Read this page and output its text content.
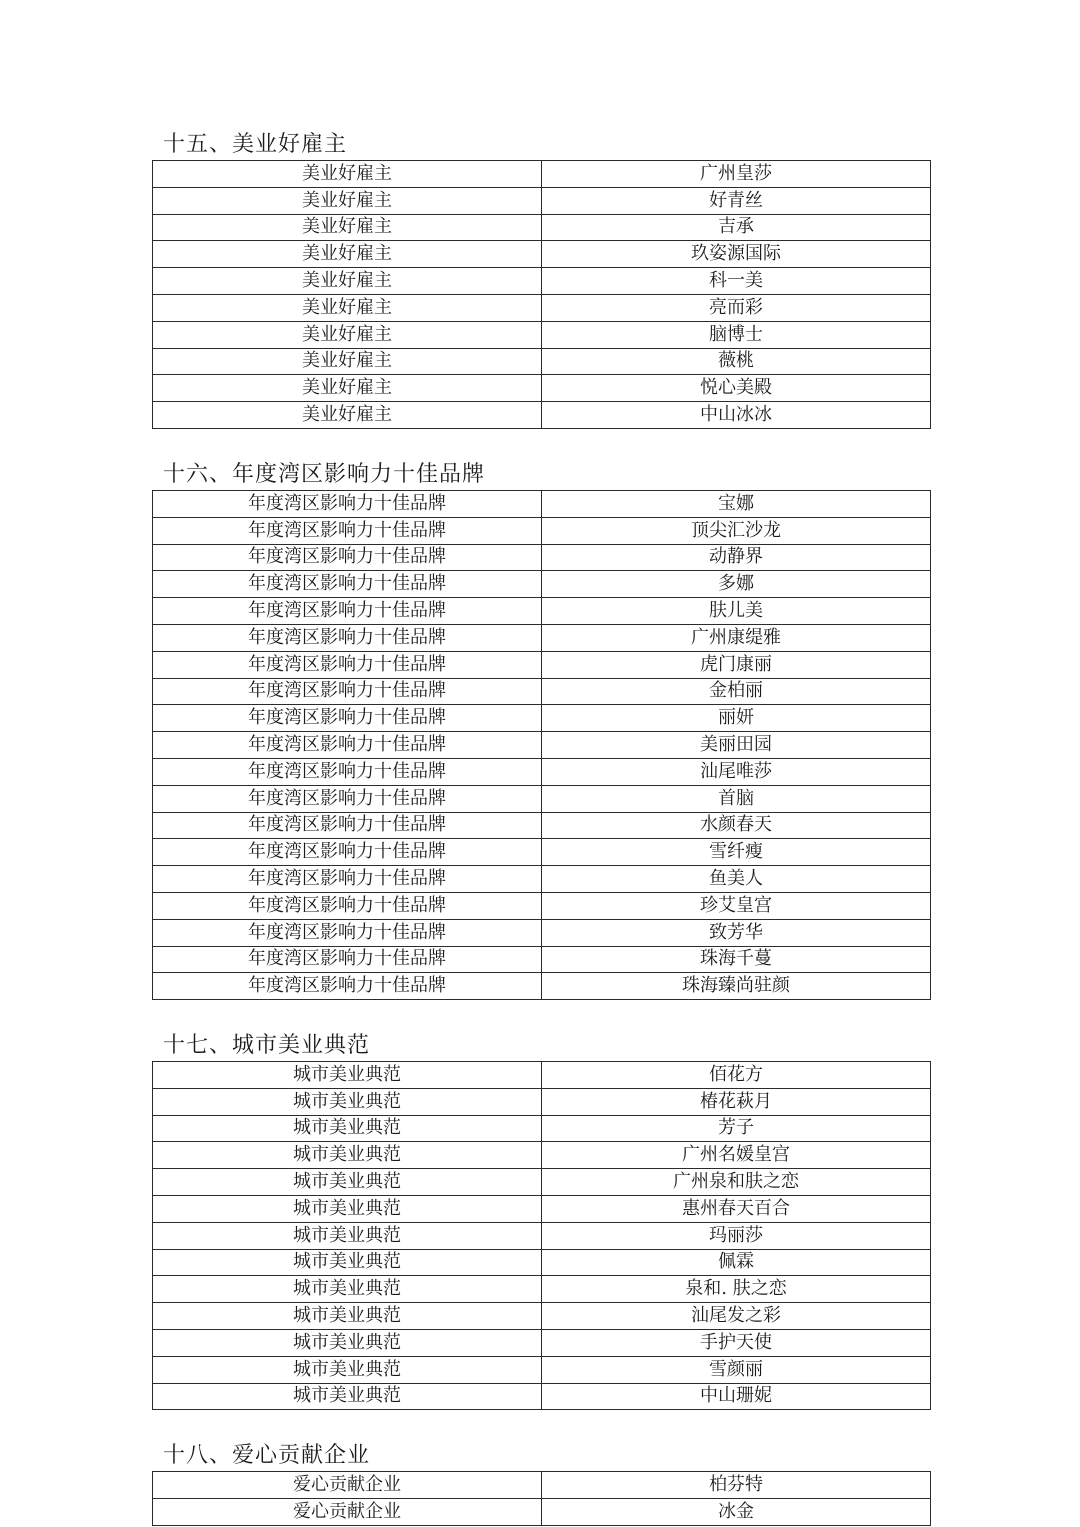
十五、美业好雇主
美业好雇主	广州皇莎
美业好雇主	好青丝
美业好雇主	吉承
美业好雇主	玖姿源国际
美业好雇主	科一美
美业好雇主	亮而彩
美业好雇主	脑博士
美业好雇主	薇桃
美业好雇主	悦心美殿
美业好雇主	中山冰冰
十六、年度湾区影响力十佳品牌
年度湾区影响力十佳品牌	宝娜
年度湾区影响力十佳品牌	顶尖汇沙龙
年度湾区影响力十佳品牌	动静界
年度湾区影响力十佳品牌	多娜
年度湾区影响力十佳品牌	肤儿美
年度湾区影响力十佳品牌	广州康缇雅
年度湾区影响力十佳品牌	虎门康丽
年度湾区影响力十佳品牌	金柏丽
年度湾区影响力十佳品牌	丽妍
年度湾区影响力十佳品牌	美丽田园
年度湾区影响力十佳品牌	汕尾唯莎
年度湾区影响力十佳品牌	首脑
年度湾区影响力十佳品牌	水颜春天
年度湾区影响力十佳品牌	雪纤瘦
年度湾区影响力十佳品牌	鱼美人
年度湾区影响力十佳品牌	珍艾皇宫
年度湾区影响力十佳品牌	致芳华
年度湾区影响力十佳品牌	珠海千蔓
年度湾区影响力十佳品牌	珠海臻尚驻颜
十七、城市美业典范
城市美业典范	佰花方
城市美业典范	椿花萩月
城市美业典范	芳子
城市美业典范	广州名媛皇宫
城市美业典范	广州泉和肤之恋
城市美业典范	惠州春天百合
城市美业典范	玛丽莎
城市美业典范	佩霖
城市美业典范	泉和. 肤之恋
城市美业典范	汕尾发之彩
城市美业典范	手护天使
城市美业典范	雪颜丽
城市美业典范	中山珊妮
十八、爱心贡献企业
爱心贡献企业	柏芬特
爱心贡献企业	冰金
